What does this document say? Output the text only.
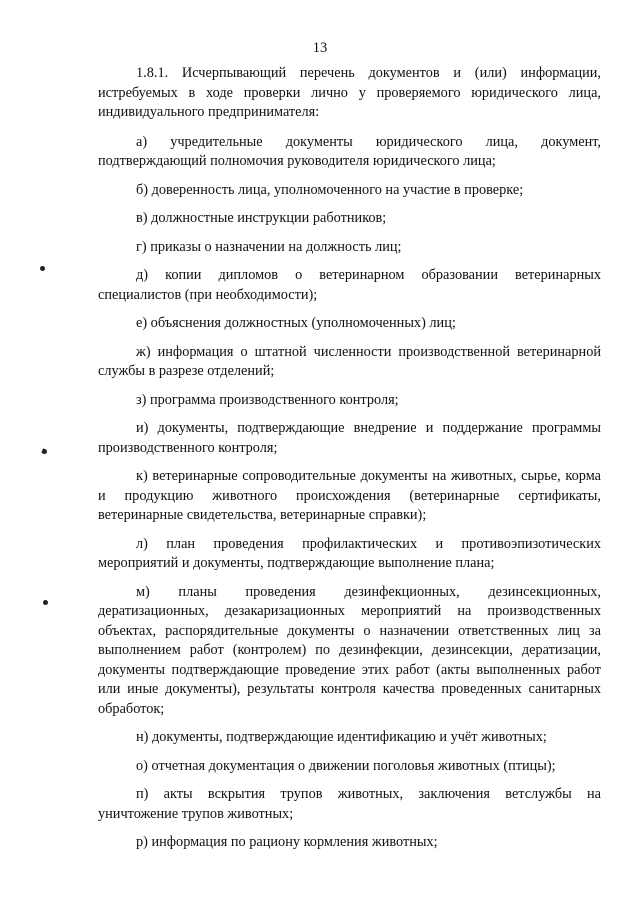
13

1.8.1. Исчерпывающий перечень документов и (или) информации, истребуемых в ходе проверки лично у проверяемого юридического лица, индивидуального предпринимателя:

а) учредительные документы юридического лица, документ, подтверждающий полномочия руководителя юридического лица;

б) доверенность лица, уполномоченного на участие в проверке;

в) должностные инструкции работников;

г) приказы о назначении на должность лиц;

д) копии дипломов о ветеринарном образовании ветеринарных специалистов (при необходимости);

е) объяснения должностных (уполномоченных) лиц;

ж) информация о штатной численности производственной ветеринарной службы в разрезе отделений;

з) программа производственного контроля;

и) документы, подтверждающие внедрение и поддержание программы производственного контроля;

к) ветеринарные сопроводительные документы на животных, сырье, корма и продукцию животного происхождения (ветеринарные сертификаты, ветеринарные свидетельства, ветеринарные справки);

л) план проведения профилактических и противоэпизотических мероприятий и документы, подтверждающие выполнение плана;

м) планы проведения дезинфекционных, дезинсекционных, дератизационных, дезакаризационных мероприятий на производственных объектах, распорядительные документы о назначении ответственных лиц за выполнением работ (контролем) по дезинфекции, дезинсекции, дератизации, документы подтверждающие проведение этих работ (акты выполненных работ или иные документы), результаты контроля качества проведенных санитарных обработок;

н) документы, подтверждающие идентификацию и учёт животных;

о) отчетная документация о движении поголовья животных (птицы);

п) акты вскрытия трупов животных, заключения ветслужбы на уничтожение трупов животных;

р) информация по рациону кормления животных;
